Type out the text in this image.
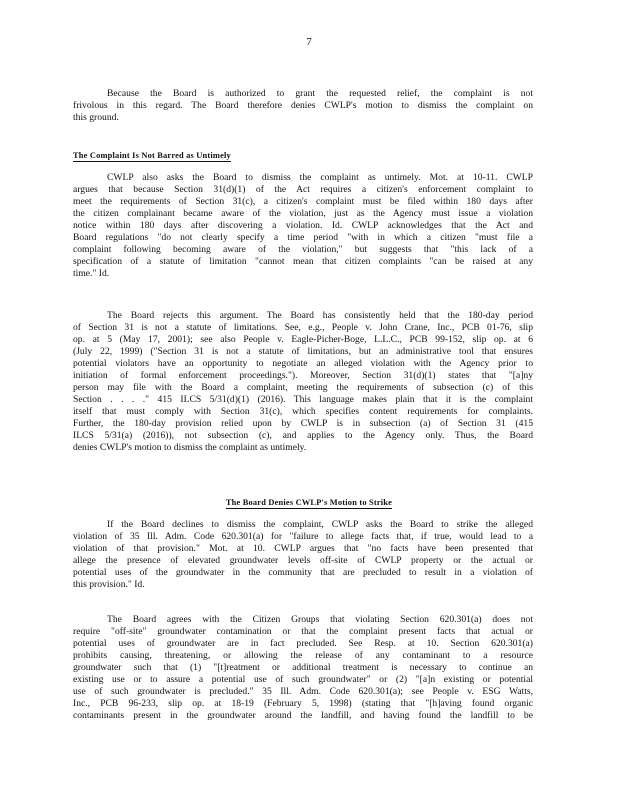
7
Because the Board is authorized to grant the requested relief, the complaint is not
frivolous in this regard. The Board therefore denies CWLP's motion to dismiss the complaint on
this ground.
The Complaint Is Not Barred as Untimely
CWLP also asks the Board to dismiss the complaint as untimely. Mot. at 10-11. CWLP
argues that because Section 31(d)(1) of the Act requires a citizen's enforcement complaint to
meet the requirements of Section 31(c), a citizen's complaint must be filed within 180 days after
the citizen complainant became aware of the violation, just as the Agency must issue a violation
notice within 180 days after discovering a violation. Id. CWLP acknowledges that the Act and
Board regulations "do not clearly specify a time period "with in which a citizen "must file a
complaint following becoming aware of the violation," but suggests that "this lack of a
specification of a statute of limitation "cannot mean that citizen complaints "can be raised at any
time." Id.
The Board rejects this argument. The Board has consistently held that the 180-day period
of Section 31 is not a statute of limitations. See, e.g., People v. John Crane, Inc., PCB 01-76, slip
op. at 5 (May 17, 2001); see also People v. Eagle-Picher-Boge, L.L.C., PCB 99-152, slip op. at 6
(July 22, 1999) ("Section 31 is not a statute of limitations, but an administrative tool that ensures
potential violators have an opportunity to negotiate an alleged violation with the Agency prior to
initiation of formal enforcement proceedings."). Moreover, Section 31(d)(1) states that "[a]ny
person may file with the Board a complaint, meeting the requirements of subsection (c) of this
Section . . . ." 415 ILCS 5/31(d)(1) (2016). This language makes plain that it is the complaint
itself that must comply with Section 31(c), which specifies content requirements for complaints.
Further, the 180-day provision relied upon by CWLP is in subsection (a) of Section 31 (415
ILCS 5/31(a) (2016)), not subsection (c), and applies to the Agency only. Thus, the Board
denies CWLP's motion to dismiss the complaint as untimely.
The Board Denies CWLP's Motion to Strike
If the Board declines to dismiss the complaint, CWLP asks the Board to strike the alleged
violation of 35 Ill. Adm. Code 620.301(a) for "failure to allege facts that, if true, would lead to a
violation of that provision." Mot. at 10. CWLP argues that "no facts have been presented that
allege the presence of elevated groundwater levels off-site of CWLP property or the actual or
potential uses of the groundwater in the community that are precluded to result in a violation of
this provision." Id.
The Board agrees with the Citizen Groups that violating Section 620.301(a) does not
require "off-site" groundwater contamination or that the complaint present facts that actual or
potential uses of groundwater are in fact precluded. See Resp. at 10. Section 620.301(a)
prohibits causing, threatening, or allowing the release of any contaminant to a resource
groundwater such that (1) "[t]reatment or additional treatment is necessary to continue an
existing use or to assure a potential use of such groundwater" or (2) "[a]n existing or potential
use of such groundwater is precluded." 35 Ill. Adm. Code 620.301(a); see People v. ESG Watts,
Inc., PCB 96-233, slip op. at 18-19 (February 5, 1998) (stating that "[h]aving found organic
contaminants present in the groundwater around the landfill, and having found the landfill to be
